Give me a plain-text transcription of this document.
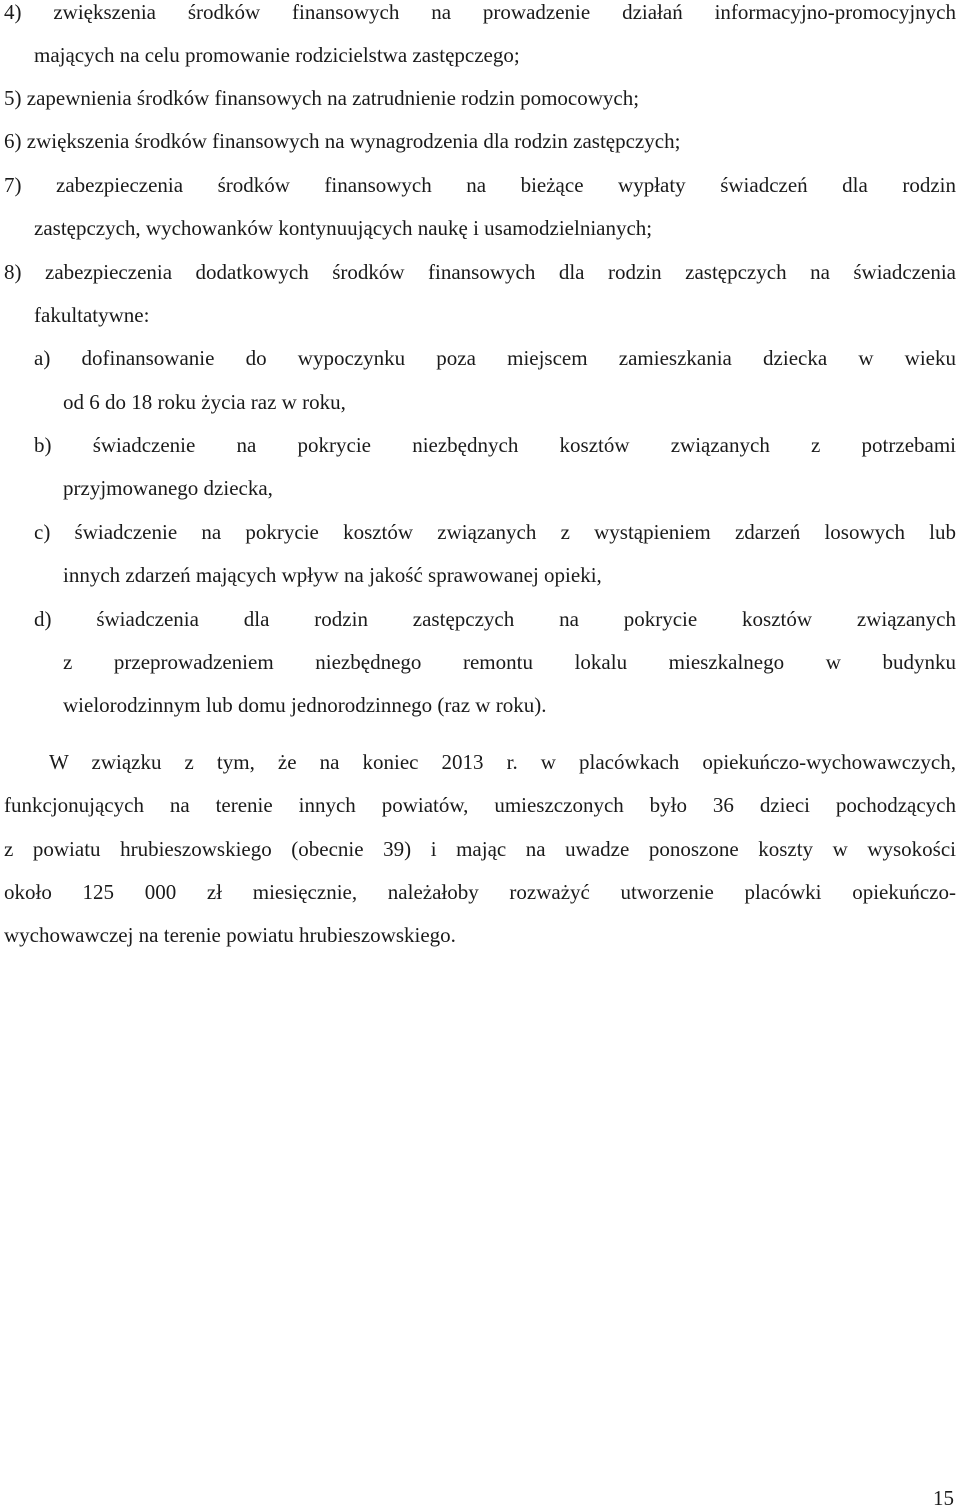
4) zwiększenia środków finansowych na prowadzenie działań informacyjno-promocyjnych
mających na celu promowanie rodzicielstwa zastępczego;
5) zapewnienia środków finansowych na zatrudnienie rodzin pomocowych;
6) zwiększenia środków finansowych na wynagrodzenia dla rodzin zastępczych;
7) zabezpieczenia środków finansowych na bieżące wypłaty świadczeń dla rodzin
zastępczych, wychowanków kontynuujących naukę i usamodzielnianych;
8) zabezpieczenia dodatkowych środków finansowych dla rodzin zastępczych na świadczenia
fakultatywne:
a) dofinansowanie do wypoczynku poza miejscem zamieszkania dziecka w wieku
od 6 do 18 roku życia raz w roku,
b) świadczenie na pokrycie niezbędnych kosztów związanych z potrzebami
przyjmowanego dziecka,
c) świadczenie na pokrycie kosztów związanych z wystąpieniem zdarzeń losowych lub
innych zdarzeń mających wpływ na jakość sprawowanej opieki,
d) świadczenia dla rodzin zastępczych na pokrycie kosztów związanych
z przeprowadzeniem niezbędnego remontu lokalu mieszkalnego w budynku
wielorodzinnym lub domu jednorodzinnego (raz w roku).
W związku z tym, że na koniec 2013 r. w placówkach opiekuńczo-wychowawczych,
funkcjonujących na terenie innych powiatów, umieszczonych było 36 dzieci pochodzących
z powiatu hrubieszowskiego (obecnie 39) i mając na uwadze ponoszone koszty w wysokości
około 125 000 zł miesięcznie, należałoby rozważyć utworzenie placówki opiekuńczo-
wychowawczej na terenie powiatu hrubieszowskiego.
15
